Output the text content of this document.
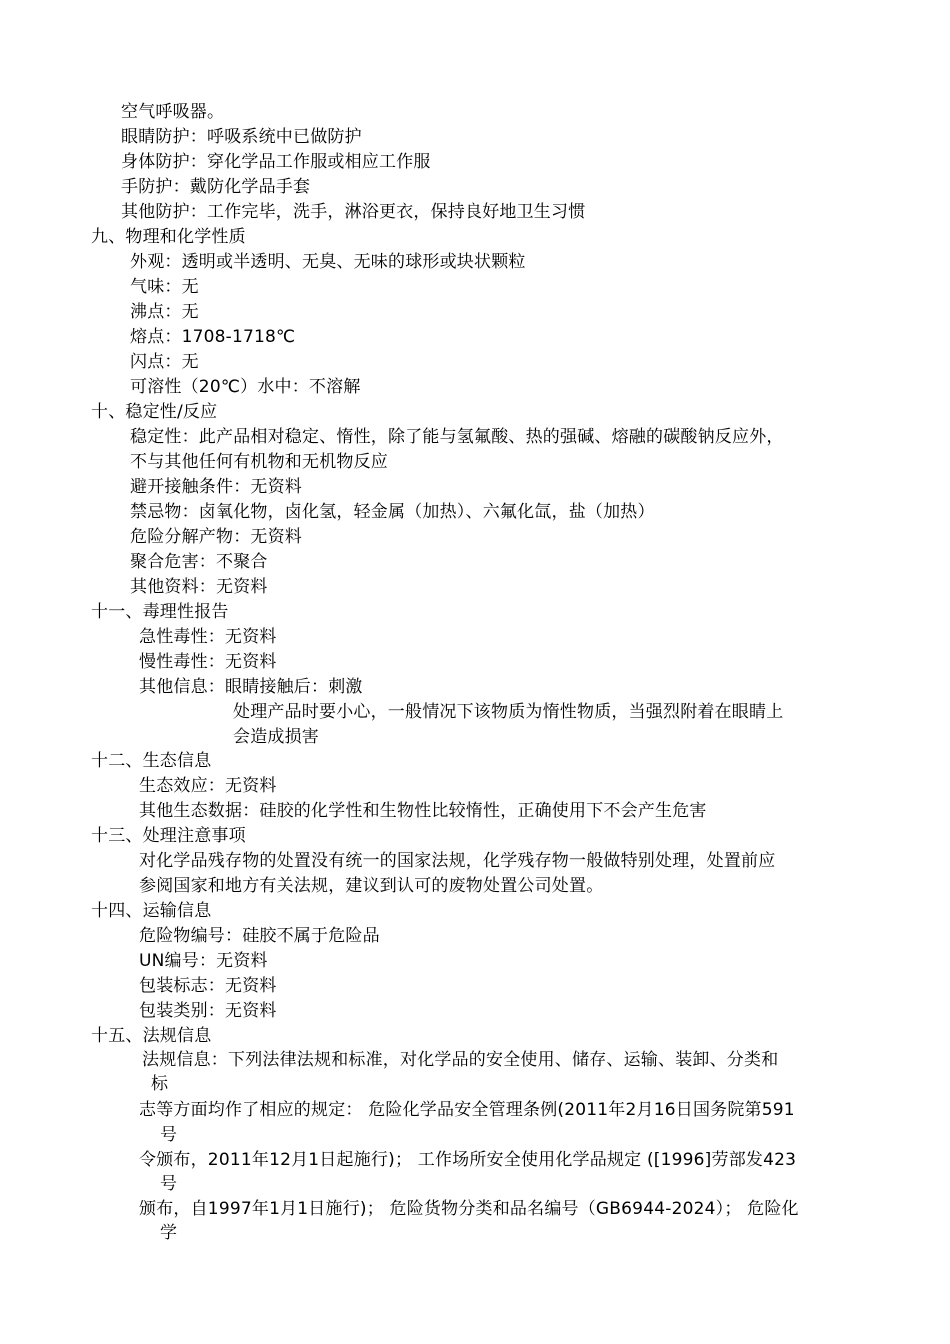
空气呼吸器。
眼睛防护：呼吸系统中已做防护
身体防护：穿化学品工作服或相应工作服
手防护：戴防化学品手套
其他防护：工作完毕，洗手，淋浴更衣，保持良好地卫生习惯
九、物理和化学性质
外观：透明或半透明、无臭、无味的球形或块状颗粒
气味：无
沸点：无
熔点：1708-1718℃
闪点：无
可溶性（20℃）水中：不溶解
十、稳定性/反应
稳定性：此产品相对稳定、惰性，除了能与氢氟酸、热的强碱、熔融的碳酸钠反应外，
不与其他任何有机物和无机物反应
避开接触条件：无资料
禁忌物：卤氧化物，卤化氢，轻金属（加热）、六氟化氙，盐（加热）
危险分解产物：无资料
聚合危害：不聚合
其他资料：无资料
十一、毒理性报告
急性毒性：无资料
慢性毒性：无资料
其他信息：眼睛接触后：刺激
处理产品时要小心，一般情况下该物质为惰性物质，当强烈附着在眼睛上
会造成损害
十二、生态信息
生态效应：无资料
其他生态数据：硅胶的化学性和生物性比较惰性，正确使用下不会产生危害
十三、处理注意事项
对化学品残存物的处置没有统一的国家法规，化学残存物一般做特别处理，处置前应
参阅国家和地方有关法规，建议到认可的废物处置公司处置。
十四、运输信息
危险物编号：硅胶不属于危险品
UN编号：无资料
包装标志：无资料
包装类别：无资料
十五、法规信息
法规信息：下列法律法规和标准，对化学品的安全使用、储存、运输、装卸、分类和
标
志等方面均作了相应的规定： 危险化学品安全管理条例(2011年2月16日国务院第591
号
令颁布，2011年12月1日起施行)； 工作场所安全使用化学品规定 ([1996]劳部发423
号
颁布，自1997年1月1日施行)； 危险货物分类和品名编号（GB6944-2024）； 危险化
学
